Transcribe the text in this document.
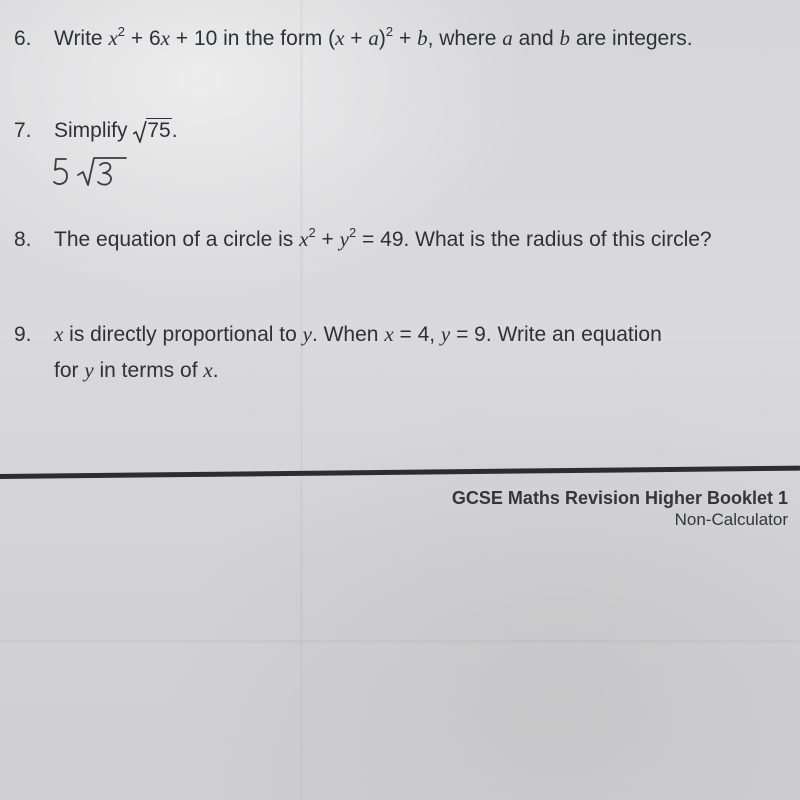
6. Write $x^2 + 6x + 10$ in the form $(x + a)^2 + b$, where a and b are integers.
7. Simplify
75.
8. The equation of a circle is $x^2 + y^2 = 49$. What is the radius of this circle?
9. x is directly proportional to y. When x = 4, y = 9. Write an equation
for y in terms of x.
GCSE Maths Revision Higher Booklet 1
Non-Calculator
